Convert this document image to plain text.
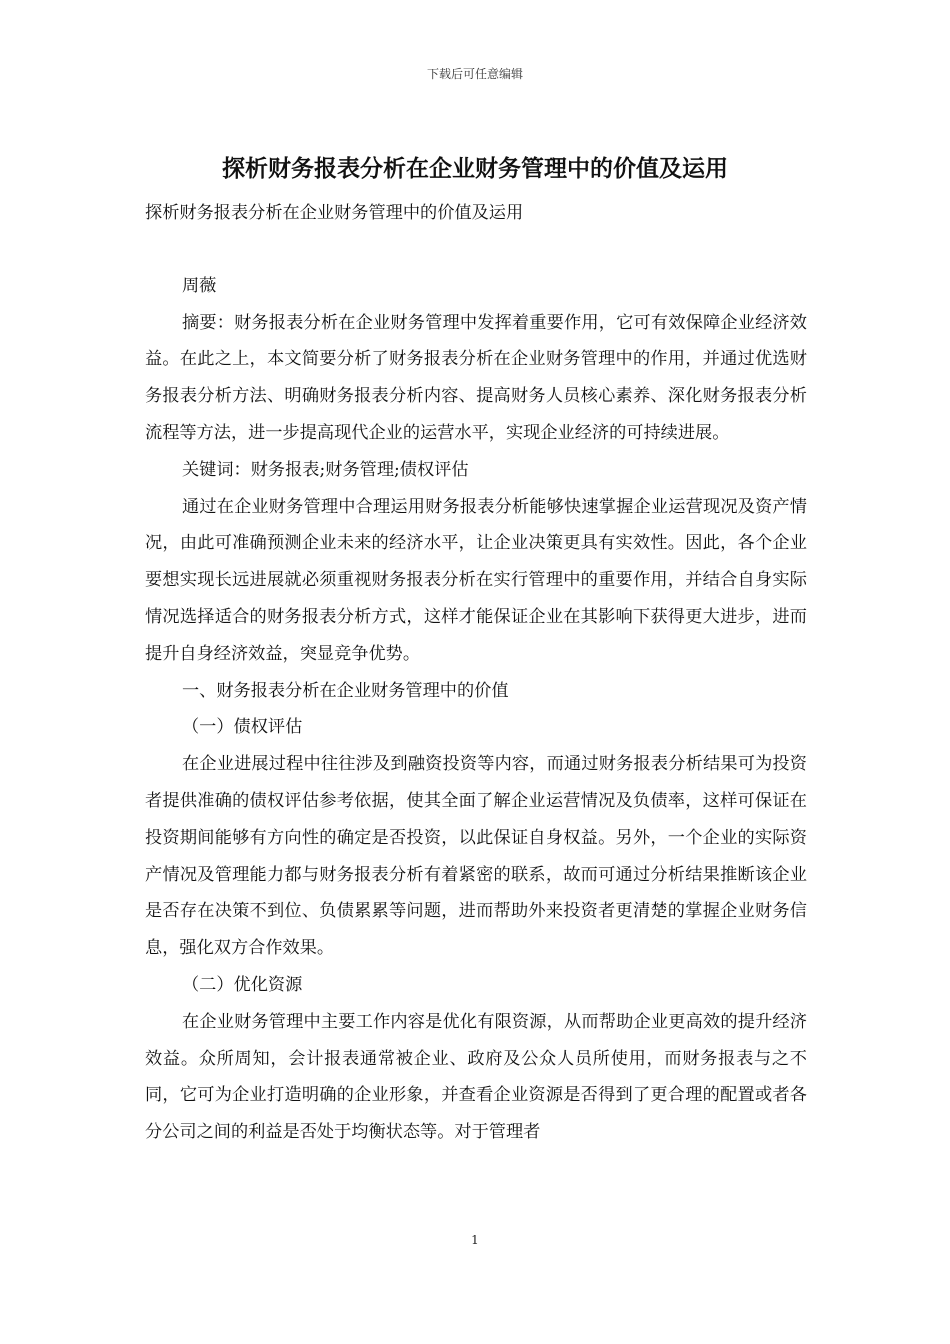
下载后可任意编辑
探析财务报表分析在企业财务管理中的价值及运用

探析财务报表分析在企业财务管理中的价值及运用

周薇

摘要：财务报表分析在企业财务管理中发挥着重要作用，它可有效保障企业经济效益。在此之上，本文简要分析了财务报表分析在企业财务管理中的作用，并通过优选财务报表分析方法、明确财务报表分析内容、提高财务人员核心素养、深化财务报表分析流程等方法，进一步提高现代企业的运营水平，实现企业经济的可持续进展。

关键词：财务报表;财务管理;债权评估

通过在企业财务管理中合理运用财务报表分析能够快速掌握企业运营现况及资产情况，由此可准确预测企业未来的经济水平，让企业决策更具有实效性。因此，各个企业要想实现长远进展就必须重视财务报表分析在实行管理中的重要作用，并结合自身实际情况选择适合的财务报表分析方式，这样才能保证企业在其影响下获得更大进步，进而提升自身经济效益，突显竞争优势。

一、财务报表分析在企业财务管理中的价值

（一）债权评估

在企业进展过程中往往涉及到融资投资等内容，而通过财务报表分析结果可为投资者提供准确的债权评估参考依据，使其全面了解企业运营情况及负债率，这样可保证在投资期间能够有方向性的确定是否投资，以此保证自身权益。另外，一个企业的实际资产情况及管理能力都与财务报表分析有着紧密的联系，故而可通过分析结果推断该企业是否存在决策不到位、负债累累等问题，进而帮助外来投资者更清楚的掌握企业财务信息，强化双方合作效果。

（二）优化资源

在企业财务管理中主要工作内容是优化有限资源，从而帮助企业更高效的提升经济效益。众所周知，会计报表通常被企业、政府及公众人员所使用，而财务报表与之不同，它可为企业打造明确的企业形象，并查看企业资源是否得到了更合理的配置或者各分公司之间的利益是否处于均衡状态等。对于管理者

1
